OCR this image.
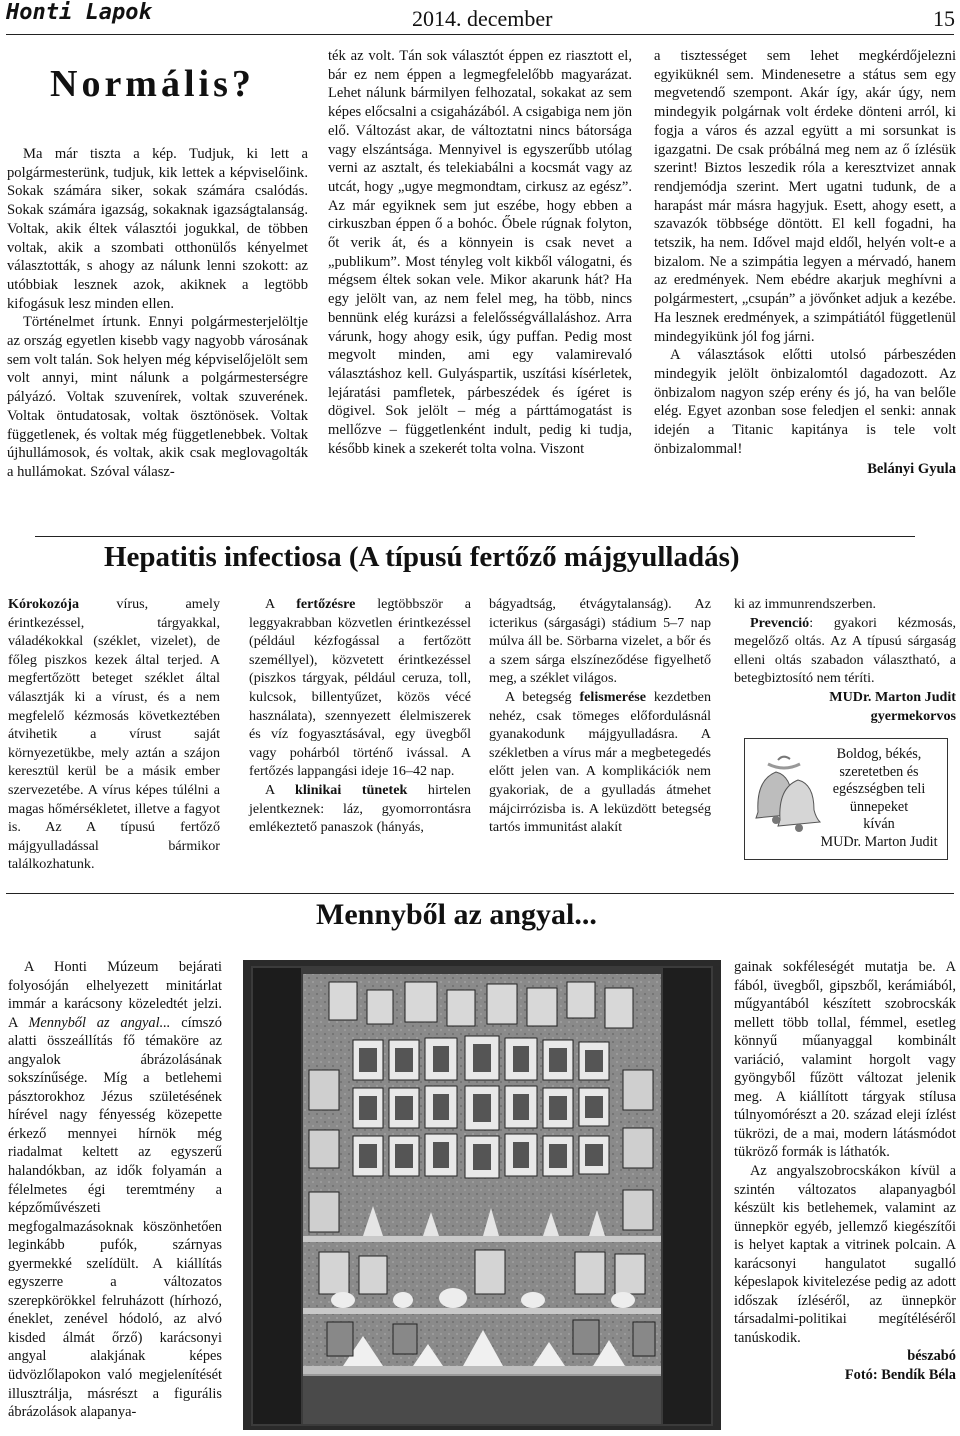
Honti Lapok	2014. december	15
Normális?

Ma már tiszta a kép. Tudjuk, ki lett a polgármesterünk, tudjuk, kik lettek a képviselőink. Sokak számára siker, sokak számára csalódás. Sokak számára igazság, sokaknak igazságtalanság. Voltak, akik éltek választói jogukkal, de többen voltak, akik a szombati otthonülős kényelmet választották, s ahogy az nálunk lenni szokott: az utóbbiak lesznek azok, akiknek a legtöbb kifogásuk lesz minden ellen.

Történelmet írtunk. Ennyi polgármesterjelöltje az ország egyetlen kisebb vagy nagyobb városának sem volt talán. Sok helyen még képviselőjelölt sem volt annyi, mint nálunk a polgármesterségre pályázó. Voltak szuvenírek, voltak szuverének. Voltak öntudatosak, voltak ösztönösek. Voltak függetlenek, és voltak még függetlenebbek. Voltak újhullámosok, és voltak, akik csak meglovagolták a hullámokat. Szóval válasz-

ték az volt. Tán sok választót éppen ez riasztott el, bár ez nem éppen a legmegfelelőbb magyarázat. Lehet nálunk bármilyen felhozatal, sokakat az sem képes előcsalni a csigaházából. A csigabiga nem jön elő. Változást akar, de változtatni nincs bátorsága vagy elszántsága. Mennyivel is egyszerűbb utólag verni az asztalt, és telekiabálni a kocsmát vagy az utcát, hogy „ugye megmondtam, cirkusz az egész”. Az már egyiknek sem jut eszébe, hogy ebben a cirkuszban éppen ő a bohóc. Őbele rúgnak folyton, őt verik át, és a könnyein is csak nevet a „publikum”. Most tényleg volt kikből válogatni, és mégsem éltek sokan vele. Mikor akarunk hát? Ha egy jelölt van, az nem felel meg, ha több, nincs bennünk elég kurázsi a felelősségvállaláshoz. Arra várunk, hogy ahogy esik, úgy puffan. Pedig most megvolt minden, ami egy valamirevaló választáshoz kell. Gulyáspartik, uszítási kísérletek, lejáratási pamfletek, párbeszédek és ígéret is dögivel. Sok jelölt – még a párttámogatást is mellőzve – függetlenként indult, pedig ki tudja, később kinek a szekerét tolta volna. Viszont

a tisztességet sem lehet megkérdőjelezni egyiküknél sem. Mindenesetre a státus sem egy megvetendő szempont. Akár így, akár úgy, nem mindegyik polgárnak volt érdeke dönteni arról, ki fogja a város és azzal együtt a mi sorsunkat is igazgatni. De csak próbálná meg nem az ő ízlésük szerint! Biztos leszedik róla a keresztvizet annak rendjemódja szerint. Mert ugatni tudunk, de a harapást már másra hagyjuk. Esett, ahogy esett, a szavazók többsége döntött. El kell fogadni, ha tetszik, ha nem. Idővel majd eldől, helyén volt-e a bizalom. Ne a szimpátia legyen a mérvadó, hanem az eredmények. Nem ebédre akarjuk meghívni a polgármestert, „csupán” a jövőnket adjuk a kezébe. Ha lesznek eredmények, a szimpátiától függetlenül mindegyikünk jól fog járni.

A választások előtti utolsó párbeszéden mindegyik jelölt önbizalomtól dagadozott. Az önbizalom nagyon szép erény és jó, ha van belőle elég. Egyet azonban sose feledjen el senki: annak idején a Titanic kapitánya is tele volt önbizalommal!

Belányi Gyula
Hepatitis infectiosa (A típusú fertőző májgyulladás)

Kórokozója	vírus, amely érintkezéssel, tárgyakkal, váladékokkal (széklet, vizelet), de főleg piszkos kezek által terjed. A megfertőzött beteget széklet által választják ki a vírust, és a nem megfelelő kézmosás következtében átvihetik a vírust saját környezetükbe, mely aztán a szájon keresztül kerül be a másik ember szervezetébe. A vírus képes túlélni a magas hőmérsékletet, illetve a fagyot is. Az A típusú fertőző májgyulladással bármikor találkozhatunk.

A fertőzésre legtöbbször a leggyakrabban közvetlen érintkezéssel (például kézfogással a fertőzött személlyel), közvetett érintkezéssel (piszkos tárgyak, például ceruza, toll, kulcsok, billentyűzet, közös vécé használata), szennyezett élelmiszerek és víz fogyasztásával, egy üvegből vagy pohárból történő ivással. A fertőzés lappangási ideje 16–42 nap.

A klinikai tünetek hirtelen jelentkeznek: láz, gyomorrontásra emlékeztető panaszok (hányás,

bágyadtság, étvágytalanság). Az icterikus (sárgasági) stádium 5–7 nap múlva áll be. Sörbarna vizelet, a bőr és a szem sárga elszíneződése figyelhető meg, a széklet világos.

A betegség felismerése kezdetben nehéz, csak tömeges előfordulásnál gyanakodunk májgyulladásra. A székletben a vírus már a megbetegedés előtt jelen van. A komplikációk nem gyakoriak, de a gyulladás átmehet májcirrózisba is. A leküzdött betegség tartós immunitást alakít

ki az immunrendszerben.

Prevenció: gyakori kézmosás, megelőző oltás. Az A típusú sárgaság elleni oltás szabadon választható, a betegbiztosító nem téríti.

MUDr. Marton Judit
gyermekorvos
Boldog, békés,
szeretetben és
egészségben teli
ünnepeket
kíván
MUDr. Marton Judit
Mennyből az angyal...

A Honti Múzeum bejárati folyosóján elhelyezett minitárlat immár a karácsony közeledtét jelzi. A Mennyből az angyal... címszó alatti összeállítás fő témaköre az angyalok ábrázolásának sokszínűsége. Míg a betlehemi pásztorokhoz Jézus születésének hírével nagy fényesség közepette érkező mennyei hírnök még riadalmat keltett az egyszerű halandókban, az idők folyamán a félelmetes égi teremtmény a képzőművészeti megfogalmazásoknak köszönhetően leginkább pufók, szárnyas gyermekké szelídült. A kiállítás egyszerre a változatos szerepkörökkel felruházott (hírhozó, éneklet, zenével hódoló, az alvó kisded álmát őrző) karácsonyi angyal alakjának képes üdvözlőlapokon való megjelenítését illusztrálja, másrészt a figurális ábrázolások alapanya-

gainak sokféleségét mutatja be. A fából, üvegből, gipszből, kerámiából, műgyantából készített szobrocskák mellett több tollal, fémmel, esetleg könnyű műanyaggal kombinált variáció, valamint horgolt vagy gyöngyből fűzött változat jelenik meg. A kiállított tárgyak stílusa túlnyomórészt a 20. század eleji ízlést tükrözi, de a mai, modern látásmódot tükröző formák is láthatók.

Az angyalszobrocskákon kívül a szintén változatos alapanyagból készült kis betlehemek, valamint az ünnepkör egyéb, jellemző kiegészítői is helyet kaptak a vitrinek polcain. A karácsonyi hangulatot sugalló képeslapok kivitelezése pedig az adott időszak ízléséről, az ünnepkör társadalmi-politikai megítéléséről tanúskodik.

bészabó
Fotó: Bendík Béla
